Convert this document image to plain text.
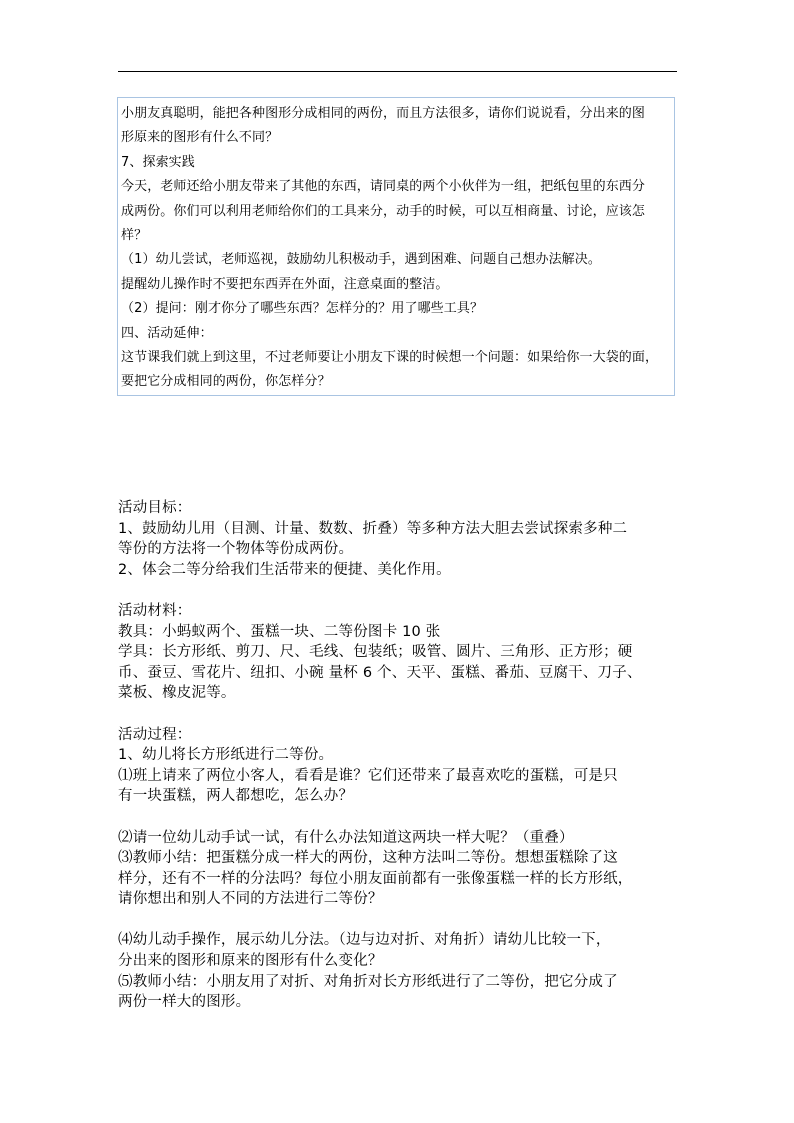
小朋友真聪明，能把各种图形分成相同的两份，而且方法很多，请你们说说看，分出来的图
形原来的图形有什么不同？

7、探索实践

今天，老师还给小朋友带来了其他的东西，请同桌的两个小伙伴为一组，把纸包里的东西分
成两份。你们可以利用老师给你们的工具来分，动手的时候，可以互相商量、讨论，应该怎
样？

（1）幼儿尝试，老师巡视，鼓励幼儿积极动手，遇到困难、问题自己想办法解决。

提醒幼儿操作时不要把东西弄在外面，注意桌面的整洁。

（2）提问：刚才你分了哪些东西？怎样分的？用了哪些工具？

四、活动延伸：

这节课我们就上到这里，不过老师要让小朋友下课的时候想一个问题：如果给你一大袋的面，
要把它分成相同的两份，你怎样分？

活动目标：

1、鼓励幼儿用（目测、计量、数数、折叠）等多种方法大胆去尝试探索多种二
等份的方法将一个物体等份成两份。

2、体会二等分给我们生活带来的便捷、美化作用。

活动材料：

教具：小蚂蚁两个、蛋糕一块、二等份图卡 10 张

学具：长方形纸、剪刀、尺、毛线、包装纸；吸管、圆片、三角形、正方形；硬
币、蚕豆、雪花片、纽扣、小碗 量杯 6 个、天平、蛋糕、番茄、豆腐干、刀子、
菜板、橡皮泥等。

活动过程：

1、幼儿将长方形纸进行二等份。

⑴班上请来了两位小客人，看看是谁？它们还带来了最喜欢吃的蛋糕，可是只
有一块蛋糕，两人都想吃，怎么办？

⑵请一位幼儿动手试一试，有什么办法知道这两块一样大呢？（重叠）

⑶教师小结：把蛋糕分成一样大的两份，这种方法叫二等份。想想蛋糕除了这
样分，还有不一样的分法吗？每位小朋友面前都有一张像蛋糕一样的长方形纸，
请你想出和别人不同的方法进行二等份？

⑷幼儿动手操作，展示幼儿分法。（边与边对折、对角折）请幼儿比较一下，
分出来的图形和原来的图形有什么变化？

⑸教师小结：小朋友用了对折、对角折对长方形纸进行了二等份，把它分成了
两份一样大的图形。
